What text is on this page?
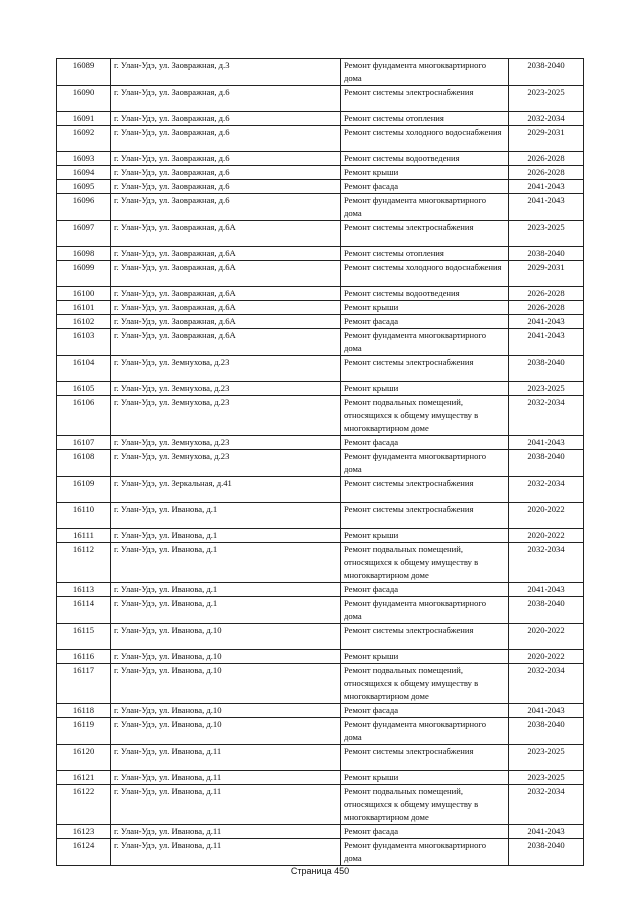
16089	г. Улан-Удэ, ул. Заовражная, д.3	Ремонт фундамента многоквартирного дома	2038-2040
16090	г. Улан-Удэ, ул. Заовражная, д.6	Ремонт системы электроснабжения	2023-2025
16091	г. Улан-Удэ, ул. Заовражная, д.6	Ремонт системы отопления	2032-2034
16092	г. Улан-Удэ, ул. Заовражная, д.6	Ремонт системы холодного водоснабжения	2029-2031
16093	г. Улан-Удэ, ул. Заовражная, д.6	Ремонт системы водоотведения	2026-2028
16094	г. Улан-Удэ, ул. Заовражная, д.6	Ремонт крыши	2026-2028
16095	г. Улан-Удэ, ул. Заовражная, д.6	Ремонт фасада	2041-2043
16096	г. Улан-Удэ, ул. Заовражная, д.6	Ремонт фундамента многоквартирного дома	2041-2043
16097	г. Улан-Удэ, ул. Заовражная, д.6А	Ремонт системы электроснабжения	2023-2025
16098	г. Улан-Удэ, ул. Заовражная, д.6А	Ремонт системы отопления	2038-2040
16099	г. Улан-Удэ, ул. Заовражная, д.6А	Ремонт системы холодного водоснабжения	2029-2031
16100	г. Улан-Удэ, ул. Заовражная, д.6А	Ремонт системы водоотведения	2026-2028
16101	г. Улан-Удэ, ул. Заовражная, д.6А	Ремонт крыши	2026-2028
16102	г. Улан-Удэ, ул. Заовражная, д.6А	Ремонт фасада	2041-2043
16103	г. Улан-Удэ, ул. Заовражная, д.6А	Ремонт фундамента многоквартирного дома	2041-2043
16104	г. Улан-Удэ, ул. Земнухова, д.23	Ремонт системы электроснабжения	2038-2040
16105	г. Улан-Удэ, ул. Земнухова, д.23	Ремонт крыши	2023-2025
16106	г. Улан-Удэ, ул. Земнухова, д.23	Ремонт подвальных помещений, относящихся к общему имуществу в многоквартирном доме	2032-2034
16107	г. Улан-Удэ, ул. Земнухова, д.23	Ремонт фасада	2041-2043
16108	г. Улан-Удэ, ул. Земнухова, д.23	Ремонт фундамента многоквартирного дома	2038-2040
16109	г. Улан-Удэ, ул. Зеркальная, д.41	Ремонт системы электроснабжения	2032-2034
16110	г. Улан-Удэ, ул. Иванова, д.1	Ремонт системы электроснабжения	2020-2022
16111	г. Улан-Удэ, ул. Иванова, д.1	Ремонт крыши	2020-2022
16112	г. Улан-Удэ, ул. Иванова, д.1	Ремонт подвальных помещений, относящихся к общему имуществу в многоквартирном доме	2032-2034
16113	г. Улан-Удэ, ул. Иванова, д.1	Ремонт фасада	2041-2043
16114	г. Улан-Удэ, ул. Иванова, д.1	Ремонт фундамента многоквартирного дома	2038-2040
16115	г. Улан-Удэ, ул. Иванова, д.10	Ремонт системы электроснабжения	2020-2022
16116	г. Улан-Удэ, ул. Иванова, д.10	Ремонт крыши	2020-2022
16117	г. Улан-Удэ, ул. Иванова, д.10	Ремонт подвальных помещений, относящихся к общему имуществу в многоквартирном доме	2032-2034
16118	г. Улан-Удэ, ул. Иванова, д.10	Ремонт фасада	2041-2043
16119	г. Улан-Удэ, ул. Иванова, д.10	Ремонт фундамента многоквартирного дома	2038-2040
16120	г. Улан-Удэ, ул. Иванова, д.11	Ремонт системы электроснабжения	2023-2025
16121	г. Улан-Удэ, ул. Иванова, д.11	Ремонт крыши	2023-2025
16122	г. Улан-Удэ, ул. Иванова, д.11	Ремонт подвальных помещений, относящихся к общему имуществу в многоквартирном доме	2032-2034
16123	г. Улан-Удэ, ул. Иванова, д.11	Ремонт фасада	2041-2043
16124	г. Улан-Удэ, ул. Иванова, д.11	Ремонт фундамента многоквартирного дома	2038-2040
Страница 450
